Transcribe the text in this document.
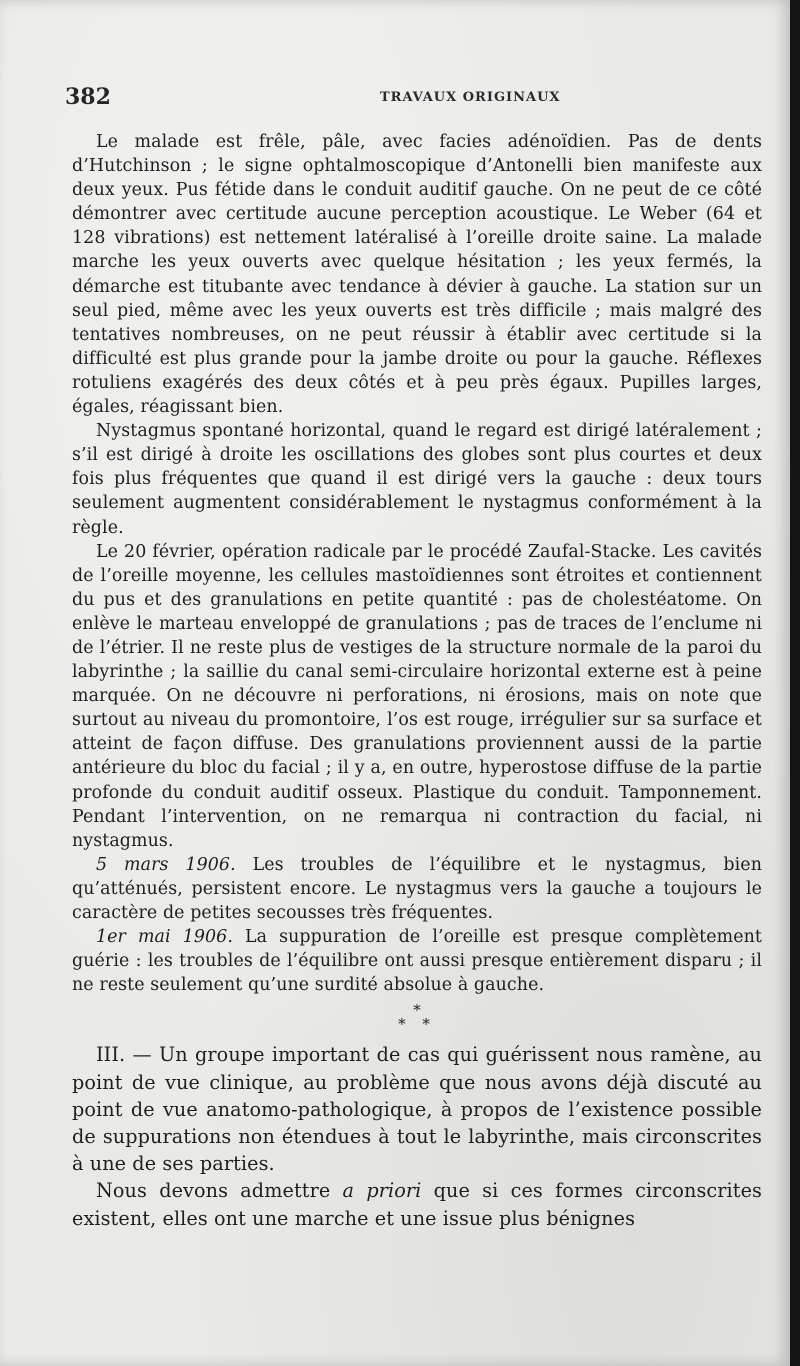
382	TRAVAUX ORIGINAUX

Le malade est frêle, pâle, avec facies adénoïdien. Pas de dents d’Hutchinson ; le signe ophtalmoscopique d’Antonelli bien manifeste aux deux yeux. Pus fétide dans le conduit auditif gauche. On ne peut de ce côté démontrer avec certitude aucune perception acoustique. Le Weber (64 et 128 vibrations) est nettement latéralisé à l’oreille droite saine. La malade marche les yeux ouverts avec quelque hésitation ; les yeux fermés, la démarche est titubante avec tendance à dévier à gauche. La station sur un seul pied, même avec les yeux ouverts est très difficile ; mais malgré des tentatives nombreuses, on ne peut réussir à établir avec certitude si la difficulté est plus grande pour la jambe droite ou pour la gauche. Réflexes rotuliens exagérés des deux côtés et à peu près égaux. Pupilles larges, égales, réagissant bien.

Nystagmus spontané horizontal, quand le regard est dirigé latéralement ; s’il est dirigé à droite les oscillations des globes sont plus courtes et deux fois plus fréquentes que quand il est dirigé vers la gauche : deux tours seulement augmentent considérablement le nystagmus conformément à la règle.

Le 20 février, opération radicale par le procédé Zaufal-Stacke. Les cavités de l’oreille moyenne, les cellules mastoïdiennes sont étroites et contiennent du pus et des granulations en petite quantité : pas de cholestéatome. On enlève le marteau enveloppé de granulations ; pas de traces de l’enclume ni de l’étrier. Il ne reste plus de vestiges de la structure normale de la paroi du labyrinthe ; la saillie du canal semi-circulaire horizontal externe est à peine marquée. On ne découvre ni perforations, ni érosions, mais on note que surtout au niveau du promontoire, l’os est rouge, irrégulier sur sa surface et atteint de façon diffuse. Des granulations proviennent aussi de la partie antérieure du bloc du facial ; il y a, en outre, hyperostose diffuse de la partie profonde du conduit auditif osseux. Plastique du conduit. Tamponnement. Pendant l’intervention, on ne remarqua ni contraction du facial, ni nystagmus.

5 mars 1906. Les troubles de l’équilibre et le nystagmus, bien qu’atténués, persistent encore. Le nystagmus vers la gauche a toujours le caractère de petites secousses très fréquentes.

1er mai 1906. La suppuration de l’oreille est presque complètement guérie : les troubles de l’équilibre ont aussi presque entièrement disparu ; il ne reste seulement qu’une surdité absolue à gauche.

*
* *

III. — Un groupe important de cas qui guérissent nous ramène, au point de vue clinique, au problème que nous avons déjà discuté au point de vue anatomo-pathologique, à propos de l’existence possible de suppurations non étendues à tout le labyrinthe, mais circonscrites à une de ses parties.

Nous devons admettre a priori que si ces formes circonscrites existent, elles ont une marche et une issue plus bénignes
